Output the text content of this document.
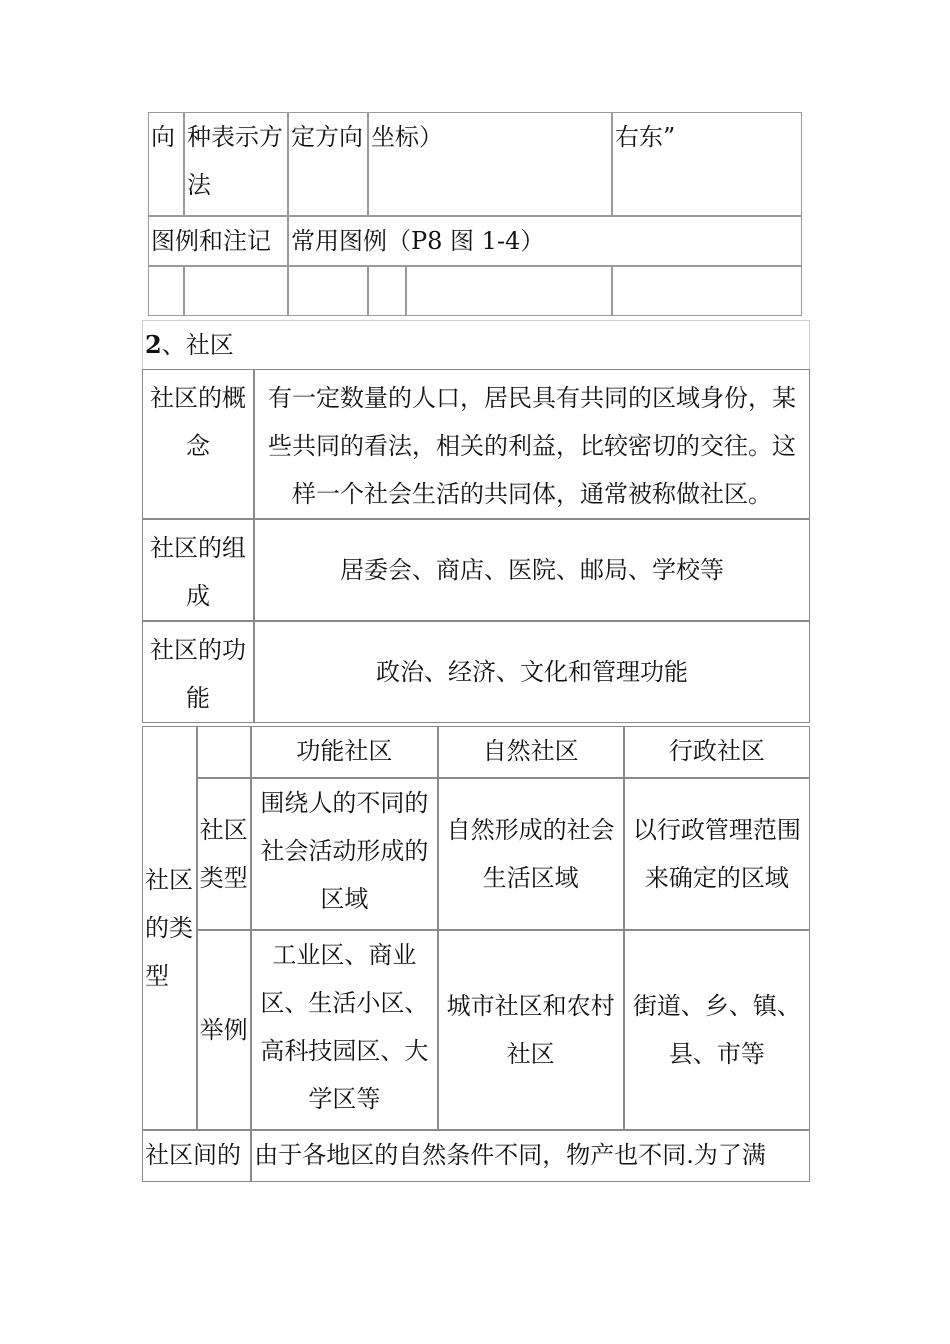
向	种表示方法	定方向	坐标）		右东”
图例和注记		常用图例（P8 图 1-4）			

2、社区	
社区的概念	有一定数量的人口，居民具有共同的区域身份，某些共同的看法，相关的利益，比较密切的交往。这样一个社会生活的共同体，通常被称做社区。
社区的组成	居委会、商店、医院、邮局、学校等
社区的功能	政治、经济、文化和管理功能
社区的类型		功能社区	自然社区	行政社区
	社区类型	围绕人的不同的社会活动形成的区域	自然形成的社会生活区域	以行政管理范围来确定的区域
	举例	工业区、商业区、生活小区、高科技园区、大学区等	城市社区和农村社区	街道、乡、镇、县、市等
社区间的		由于各地区的自然条件不同，物产也不同.为了满		
